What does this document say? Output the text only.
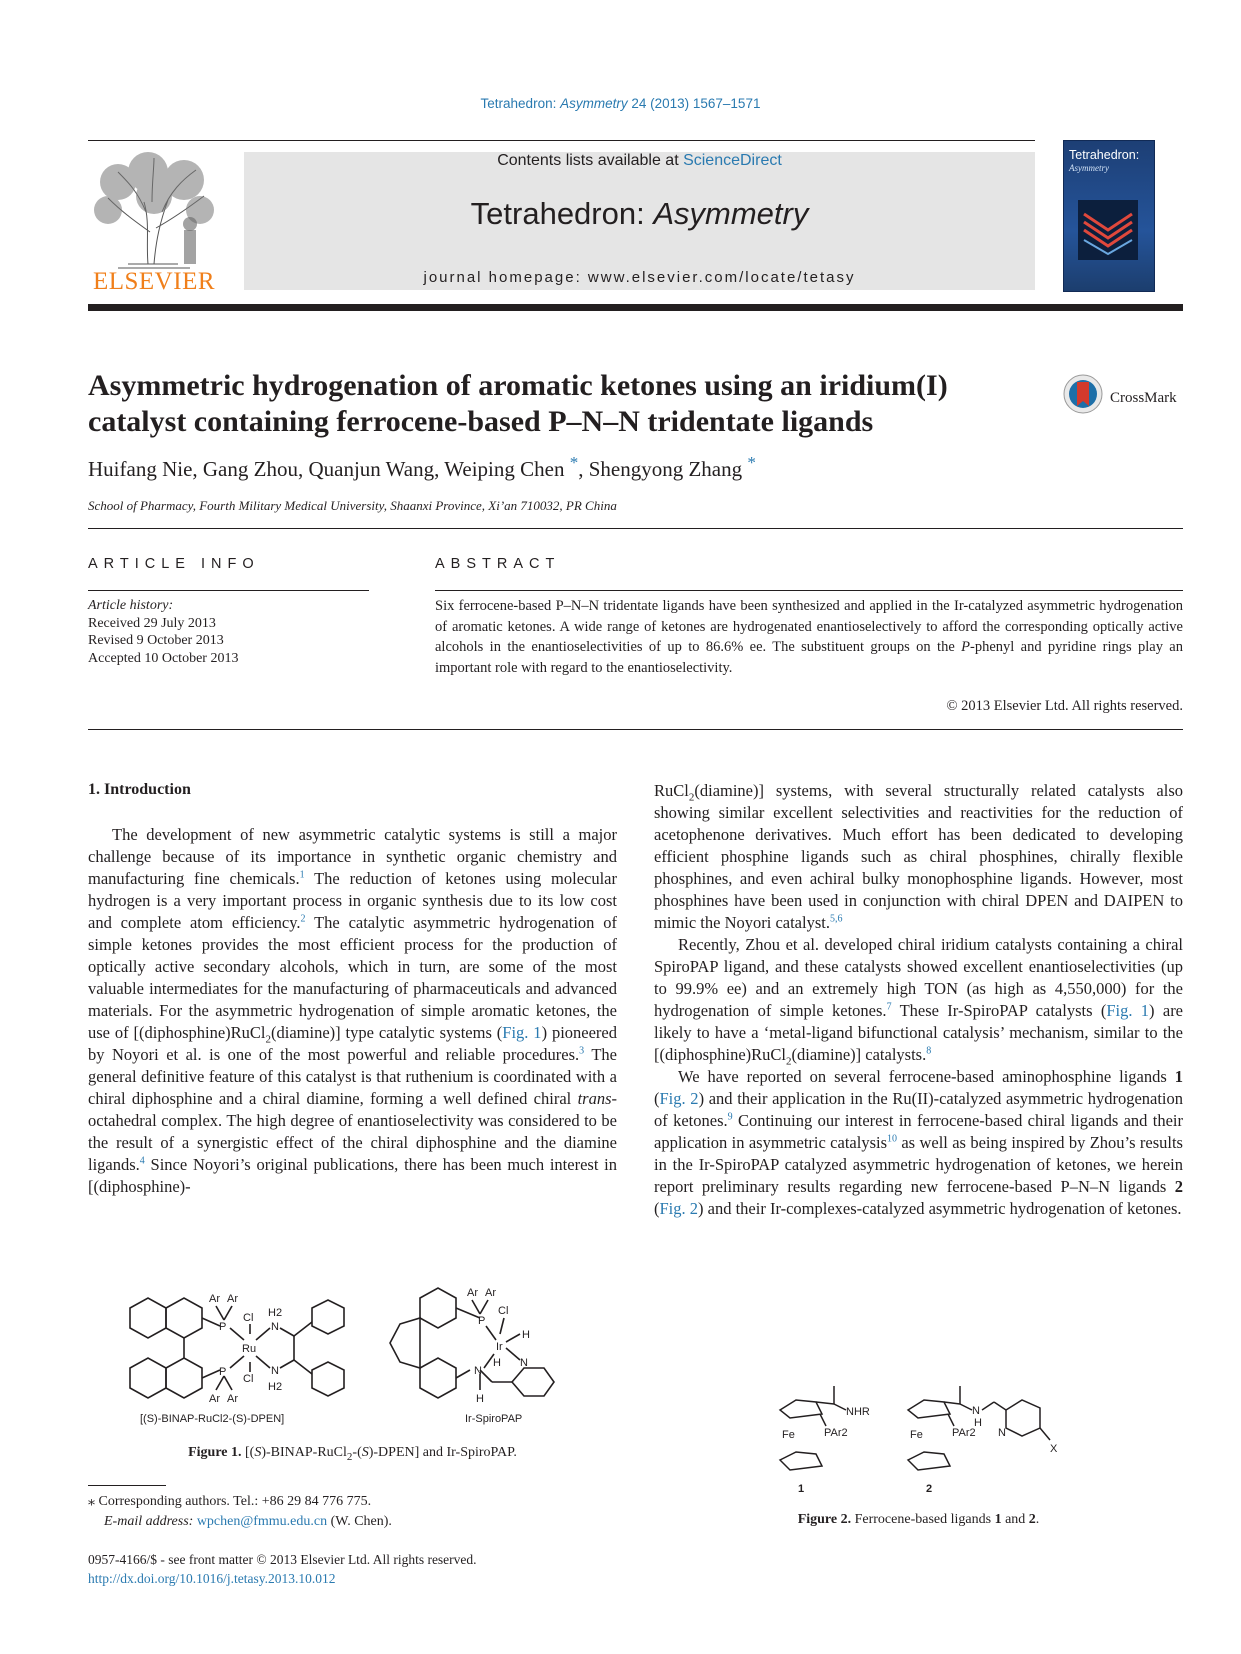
Tetrahedron: Asymmetry 24 (2013) 1567–1571
ELSEVIER
Contents lists available at ScienceDirect
Tetrahedron: Asymmetry
journal homepage: www.elsevier.com/locate/tetasy
Tetrahedron:
Asymmetry
Asymmetric hydrogenation of aromatic ketones using an iridium(I)
catalyst containing ferrocene-based P–N–N tridentate ligands
CrossMark
Huifang Nie, Gang Zhou, Quanjun Wang, Weiping Chen *, Shengyong Zhang *
School of Pharmacy, Fourth Military Medical University, Shaanxi Province, Xi’an 710032, PR China
ARTICLE INFO	ABSTRACT
Article history:
Received 29 July 2013
Revised 9 October 2013
Accepted 10 October 2013
Six ferrocene-based P–N–N tridentate ligands have been synthesized and applied in the Ir-catalyzed asymmetric hydrogenation of aromatic ketones. A wide range of ketones are hydrogenated enantioselectively to afford the corresponding optically active alcohols in the enantioselectivities of up to 86.6% ee. The substituent groups on the P-phenyl and pyridine rings play an important role with regard to the enantioselectivity.
© 2013 Elsevier Ltd. All rights reserved.
1. Introduction

The development of new asymmetric catalytic systems is still a major challenge because of its importance in synthetic organic chemistry and manufacturing fine chemicals.$^1$ The reduction of ketones using molecular hydrogen is a very important process in organic synthesis due to its low cost and complete atom efficiency.$^2$ The catalytic asymmetric hydrogenation of simple ketones provides the most efficient process for the production of optically active secondary alcohols, which in turn, are some of the most valuable intermediates for the manufacturing of pharmaceuticals and advanced materials. For the asymmetric hydrogenation of simple aromatic ketones, the use of [(diphosphine)RuCl$_2$(diamine)] type catalytic systems (Fig. 1) pioneered by Noyori et al. is one of the most powerful and reliable procedures.$^3$ The general definitive feature of this catalyst is that ruthenium is coordinated with a chiral diphosphine and a chiral diamine, forming a well defined chiral trans-octahedral complex. The high degree of enantioselectivity was considered to be the result of a synergistic effect of the chiral diphosphine and the diamine ligands.$^4$ Since Noyori’s original publications, there has been much interest in [(diphosphine)-

RuCl$_2$(diamine)] systems, with several structurally related catalysts also showing similar excellent selectivities and reactivities for the reduction of acetophenone derivatives. Much effort has been dedicated to developing efficient phosphine ligands such as chiral phosphines, chirally flexible phosphines, and even achiral bulky monophosphine ligands. However, most phosphines have been used in conjunction with chiral DPEN and DAIPEN to mimic the Noyori catalyst.$^{5,6}$

Recently, Zhou et al. developed chiral iridium catalysts containing a chiral SpiroPAP ligand, and these catalysts showed excellent enantioselectivities (up to 99.9% ee) and an extremely high TON (as high as 4,550,000) for the hydrogenation of simple ketones.$^7$ These Ir-SpiroPAP catalysts (Fig. 1) are likely to have a ‘metal-ligand bifunctional catalysis’ mechanism, similar to the [(diphosphine)RuCl$_2$(diamine)] catalysts.$^8$

We have reported on several ferrocene-based aminophosphine ligands 1 (Fig. 2) and their application in the Ru(II)-catalyzed asymmetric hydrogenation of ketones.$^9$ Continuing our interest in ferrocene-based chiral ligands and their application in asymmetric catalysis$^{10}$ as well as being inspired by Zhou’s results in the Ir-SpiroPAP catalyzed asymmetric hydrogenation of ketones, we herein report preliminary results regarding new ferrocene-based P–N–N ligands 2 (Fig. 2) and their Ir-complexes-catalyzed asymmetric hydrogenation of ketones.

P
P
Ar Ar
Ar Ar
Cl
Cl
Ru
N
N
H2
H2
P
Ar Ar
Cl
Ir
H
H
N
H
N
[(S)-BINAP-RuCl2-(S)-DPEN]	Ir-SpiroPAP
Figure 1. [(S)-BINAP-RuCl$_2$-(S)-DPEN] and Ir-SpiroPAP.
NHR
Fe	PAr2	Fe	PAr2
N
H
N
X
1	2
Figure 2. Ferrocene-based ligands 1 and 2.
⁎ Corresponding authors. Tel.: +86 29 84 776 775.
E-mail address: wpchen@fmmu.edu.cn (W. Chen).
0957-4166/$ - see front matter © 2013 Elsevier Ltd. All rights reserved.
http://dx.doi.org/10.1016/j.tetasy.2013.10.012
